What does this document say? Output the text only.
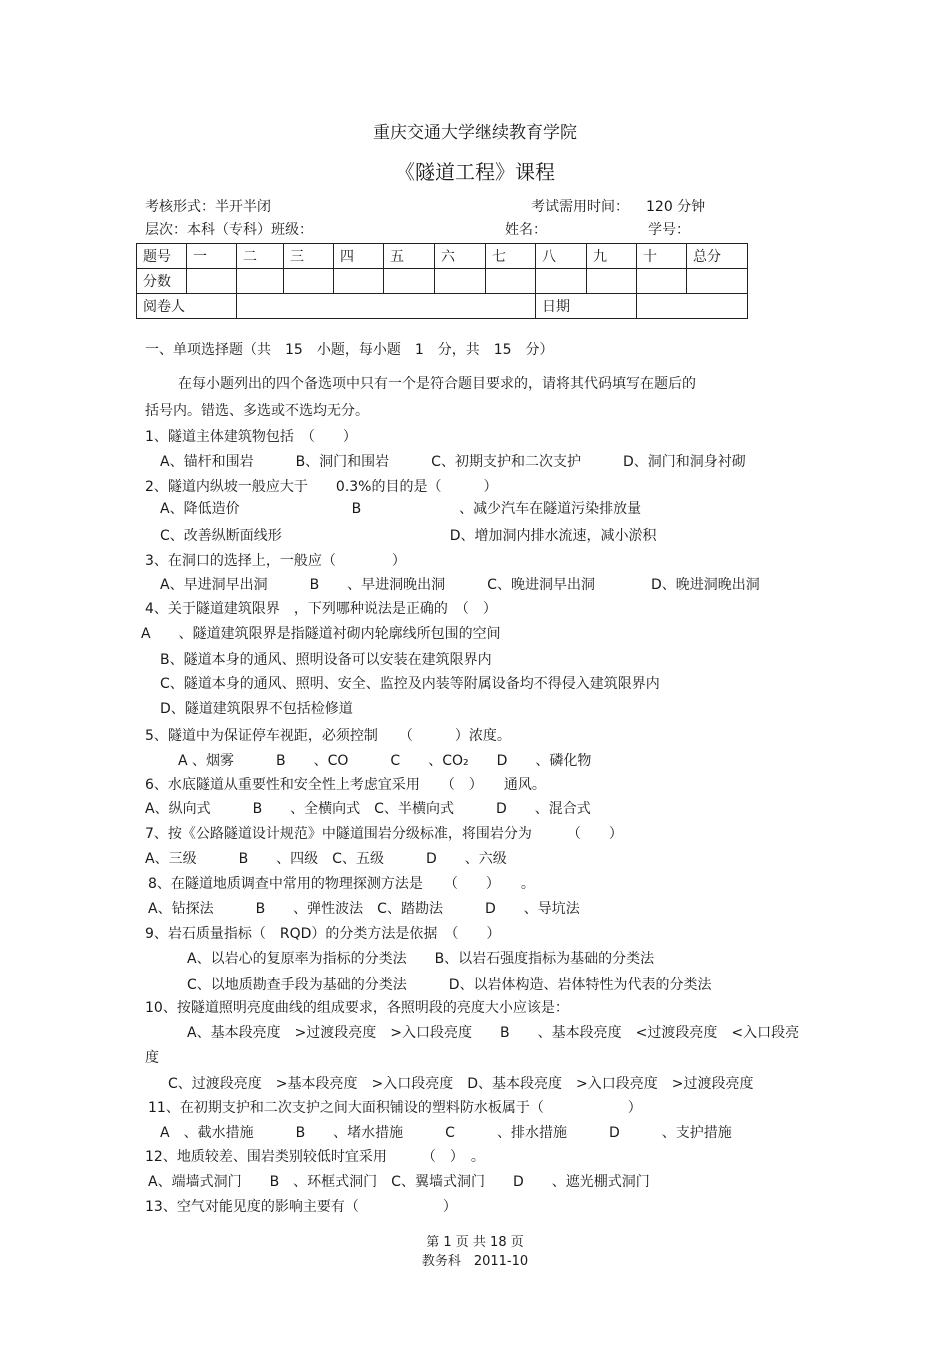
重庆交通大学继续教育学院
《隧道工程》课程
考核形式：半开半闭	考试需用时间： 120 分钟
层次：本科（专科）班级：	姓名：	学号：
题号	一	二	三	四	五	六	七	八	九	十	总分
分数											
阅卷人								日期			
一、单项选择题（共　15　小题，每小题　1　分，共　15　分）
在每小题列出的四个备选项中只有一个是符合题目要求的，请将其代码填写在题后的
括号内。错选、多选或不选均无分。
1、隧道主体建筑物包括　（　　）
A、锚杆和围岩　　　B、洞门和围岩　　　C、初期支护和二次支护　　　D、洞门和洞身衬砌
2、隧道内纵坡一般应大于　　0.3%的目的是（　　　）
A、降低造价　　　　　　　　B　　　　　　　、减少汽车在隧道污染排放量
C、改善纵断面线形　　　　　　　　　　　　D、增加洞内排水流速，减小淤积
3、在洞口的选择上，一般应（　　　　）
A、早进洞早出洞　　　B　　、早进洞晚出洞　　　C、晚进洞早出洞　　　　D、晚进洞晚出洞
4、关于隧道建筑限界　，下列哪种说法是正确的　（　）
A　　、隧道建筑限界是指隧道衬砌内轮廓线所包围的空间
B、隧道本身的通风、照明设备可以安装在建筑限界内
C、隧道本身的通风、照明、安全、监控及内装等附属设备均不得侵入建筑限界内
D、隧道建筑限界不包括检修道
5、隧道中为保证停车视距，必须控制　　（　　　）浓度。
A 、烟雾　　　B　　、CO　　　C　　、CO₂　　D　　、磷化物
6、水底隧道从重要性和安全性上考虑宜采用　　（　）　　通风。
A、纵向式　　　B　　、全横向式　C、半横向式　　　D　　、混合式
7、按《公路隧道设计规范》中隧道围岩分级标准，将围岩分为　　　（　　）
A、三级　　　B　　、四级　C、五级　　　D　　、六级
8、在隧道地质调查中常用的物理探测方法是　　（　　）　　。
A、钻探法　　　B　　、弹性波法　C、踏勘法　　　D　　、导坑法
9、岩石质量指标（　RQD）的分类方法是依据　（　　）
A、以岩心的复原率为指标的分类法　　B、以岩石强度指标为基础的分类法
C、以地质勘查手段为基础的分类法　　　D、以岩体构造、岩体特性为代表的分类法
10、按隧道照明亮度曲线的组成要求，各照明段的亮度大小应该是：
A、基本段亮度　>过渡段亮度　>入口段亮度　　B　　、基本段亮度　<过渡段亮度　<入口段亮
度
C、过渡段亮度　>基本段亮度　>入口段亮度　D、基本段亮度　>入口段亮度　>过渡段亮度
11、在初期支护和二次支护之间大面积铺设的塑料防水板属于（　　　　　　）
A　、截水措施　　　B　　、堵水措施　　　C　　　、排水措施　　　D　　　、支护措施
12、地质较差、围岩类别较低时宜采用　　　（　）　。
A、端墙式洞门　　B　、环框式洞门　C、翼墙式洞门　　D　　、遮光棚式洞门
13、空气对能见度的影响主要有（　　　　　　）
第 1 页 共 18 页
教务科　2011-10
